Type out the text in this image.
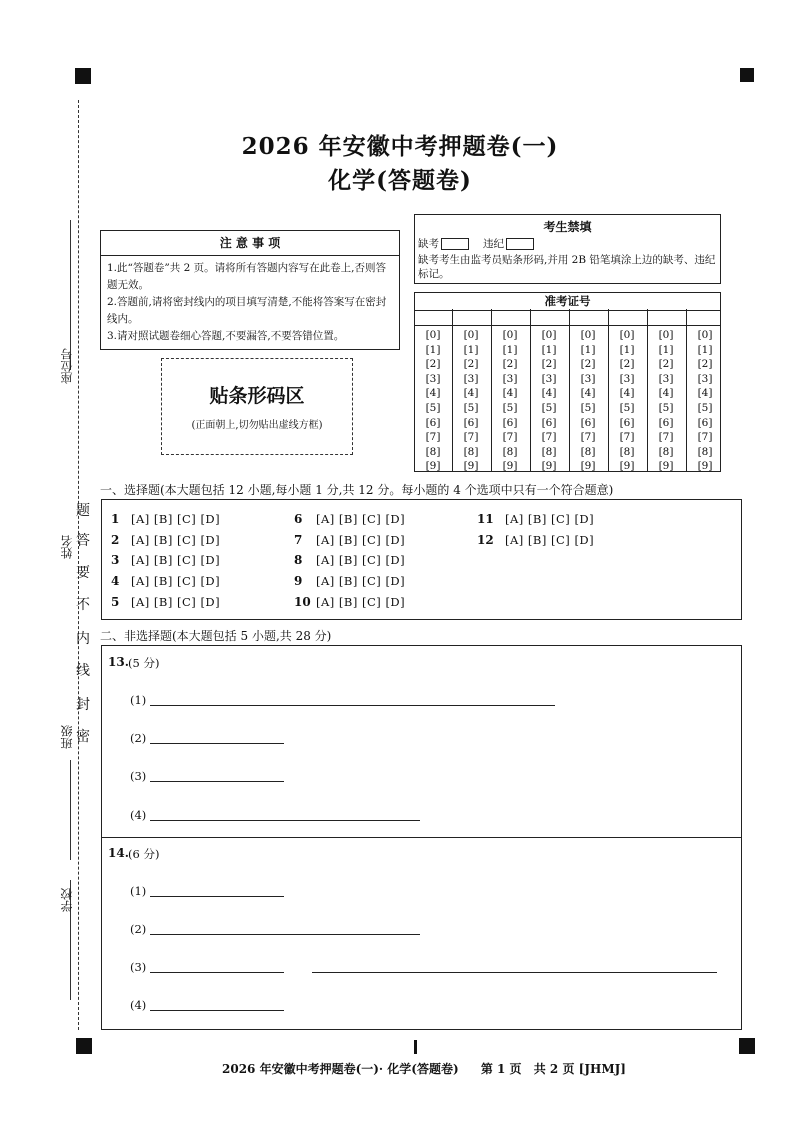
2026 年安徽中考押题卷(一)
化学(答题卷)
座位号
姓名
班级
学校
题
答
要
不
内
线
封
密
注 意 事 项
1.此“答题卷”共 2 页。请将所有答题内容写在此卷上,否则答题无效。
2.答题前,请将密封线内的项目填写清楚,不能将答案写在密封线内。
3.请对照试题卷细心答题,不要漏答,不要答错位置。
贴条形码区
(正面朝上,切勿贴出虚线方框)
考生禁填
缺考	违纪
缺考考生由监考员贴条形码,并用 2B 铅笔填涂上边的缺考、违纪标记。
准考证号
[0]
[1]
[2]
[3]
[4]
[5]
[6]
[7]
[8]
[9]
[0]
[1]
[2]
[3]
[4]
[5]
[6]
[7]
[8]
[9]
[0]
[1]
[2]
[3]
[4]
[5]
[6]
[7]
[8]
[9]
[0]
[1]
[2]
[3]
[4]
[5]
[6]
[7]
[8]
[9]
[0]
[1]
[2]
[3]
[4]
[5]
[6]
[7]
[8]
[9]
[0]
[1]
[2]
[3]
[4]
[5]
[6]
[7]
[8]
[9]
[0]
[1]
[2]
[3]
[4]
[5]
[6]
[7]
[8]
[9]
[0]
[1]
[2]
[3]
[4]
[5]
[6]
[7]
[8]
[9]
一、选择题(本大题包括 12 小题,每小题 1 分,共 12 分。每小题的 4 个选项中只有一个符合题意)
1 [A] [B] [C] [D]
2 [A] [B] [C] [D]
3 [A] [B] [C] [D]
4 [A] [B] [C] [D]
5 [A] [B] [C] [D]
6 [A] [B] [C] [D]
7 [A] [B] [C] [D]
8 [A] [B] [C] [D]
9 [A] [B] [C] [D]
10 [A] [B] [C] [D]
11 [A] [B] [C] [D]
12 [A] [B] [C] [D]
二、非选择题(本大题包括 5 小题,共 28 分)
13. (5 分)
(1)
(2)
(3)
(4)
14. (6 分)
(1)
(2)
(3)
(4)
2026 年安徽中考押题卷(一)· 化学(答题卷) 第 1 页 共 2 页 [JHMJ]
